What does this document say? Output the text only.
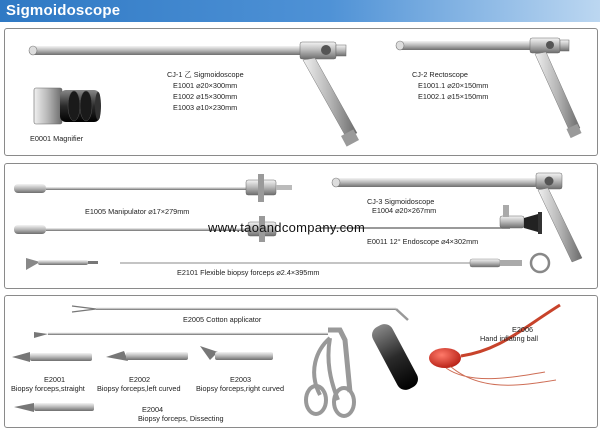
Sigmoidoscope
CJ-1 乙 Sigmoidoscope
E1001 ⌀20×300mm
E1002 ⌀15×300mm
E1003 ⌀10×230mm
CJ-2 Rectoscope
E1001.1 ⌀20×150mm
E1002.1 ⌀15×150mm
E0001 Magnifier
E1005 Manipulator ⌀17×279mm
CJ-3 Sigmoidoscope
E1004 ⌀20×267mm
E0011 12° Endoscope ⌀4×302mm
E2101 Flexible biopsy forceps ⌀2.4×395mm
www.taoandcompany.com
E2005 Cotton applicator
E2006
Hand inflating ball
E2001
Biopsy forceps,straight
E2002
Biopsy forceps,left curved
E2003
Biopsy forceps,right curved
E2004
Biopsy forceps, Dissecting
